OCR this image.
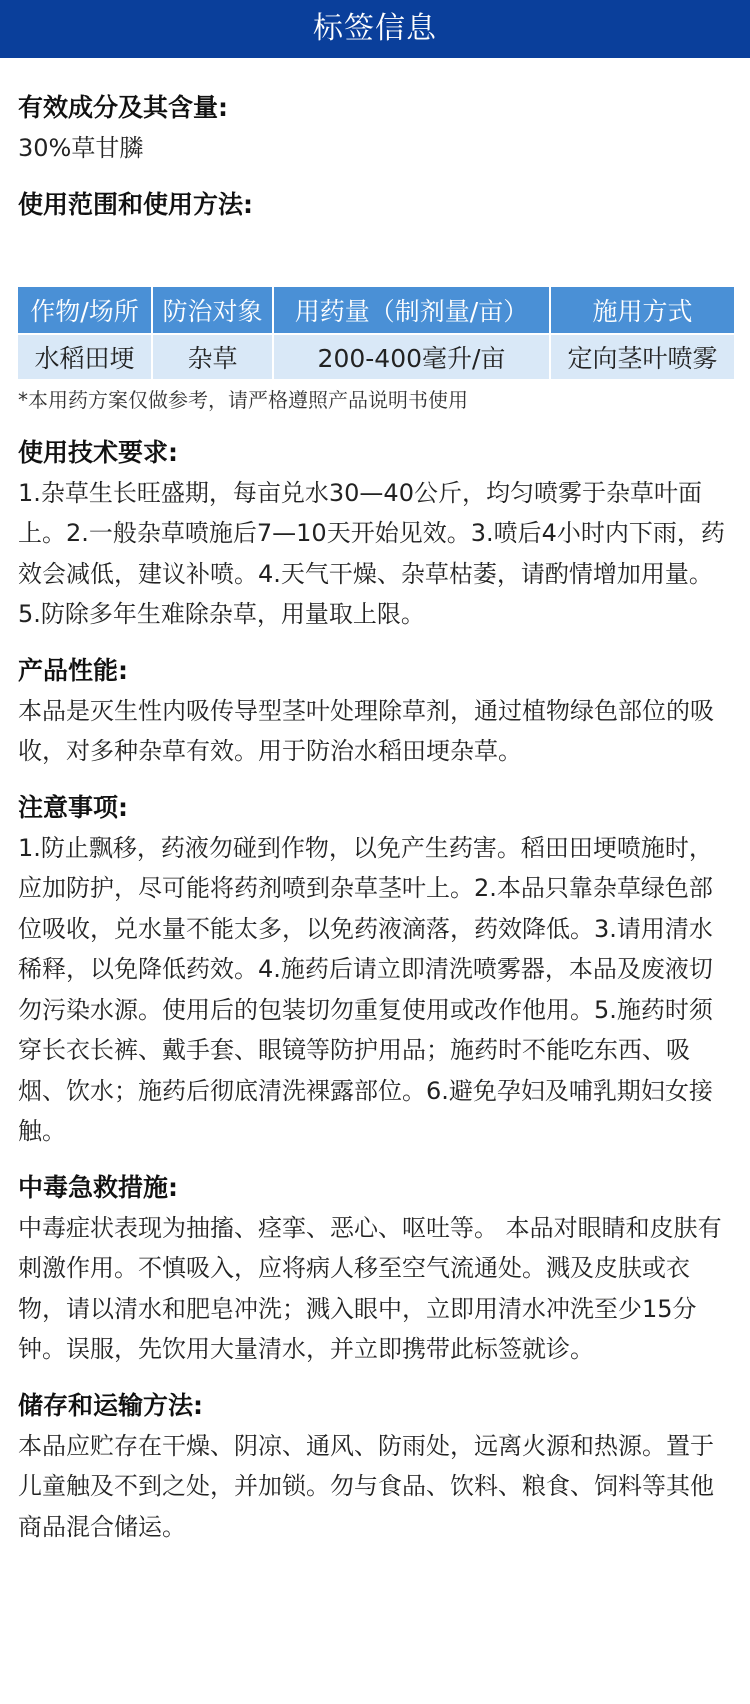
标签信息
有效成分及其含量:

30%草甘膦

使用范围和使用方法:
作物/场所	防治对象	用药量（制剂量/亩）	施用方式
水稻田埂	杂草	200-400毫升/亩	定向茎叶喷雾
*本用药方案仅做参考，请严格遵照产品说明书使用
使用技术要求:

1.杂草生长旺盛期，每亩兑水30—40公斤，均匀喷雾于杂草叶面上。2.一般杂草喷施后7—10天开始见效。3.喷后4小时内下雨，药效会减低，建议补喷。4.天气干燥、杂草枯萎，请酌情增加用量。5.防除多年生难除杂草，用量取上限。

产品性能:

本品是灭生性内吸传导型茎叶处理除草剂，通过植物绿色部位的吸收，对多种杂草有效。用于防治水稻田埂杂草。

注意事项:

1.防止飘移，药液勿碰到作物，以免产生药害。稻田田埂喷施时，应加防护，尽可能将药剂喷到杂草茎叶上。2.本品只靠杂草绿色部位吸收，兑水量不能太多，以免药液滴落，药效降低。3.请用清水稀释，以免降低药效。4.施药后请立即清洗喷雾器，本品及废液切勿污染水源。使用后的包装切勿重复使用或改作他用。5.施药时须穿长衣长裤、戴手套、眼镜等防护用品；施药时不能吃东西、吸烟、饮水；施药后彻底清洗裸露部位。6.避免孕妇及哺乳期妇女接触。

中毒急救措施:

中毒症状表现为抽搐、痉挛、恶心、呕吐等。 本品对眼睛和皮肤有刺激作用。不慎吸入，应将病人移至空气流通处。溅及皮肤或衣物，请以清水和肥皂冲洗；溅入眼中，立即用清水冲洗至少15分钟。误服，先饮用大量清水，并立即携带此标签就诊。

储存和运输方法:

本品应贮存在干燥、阴凉、通风、防雨处，远离火源和热源。置于儿童触及不到之处，并加锁。勿与食品、饮料、粮食、饲料等其他商品混合储运。
